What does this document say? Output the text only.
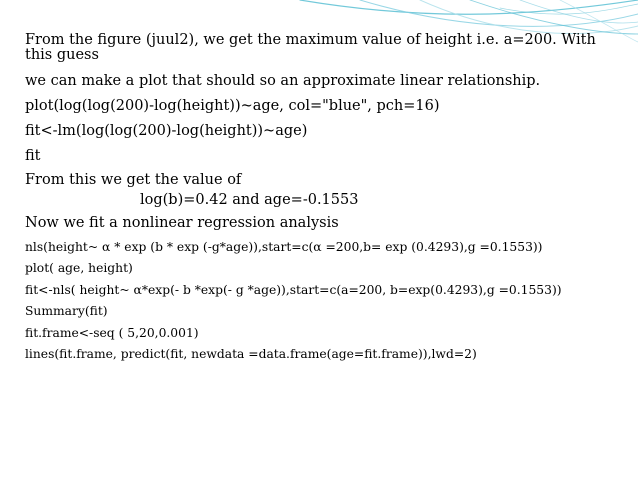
From the figure (juul2), we get the maximum value of height i.e. a=200. With this guess
we can make a plot that should so an approximate linear relationship.
plot(log(log(200)-log(height))~age, col="blue", pch=16)
fit<-lm(log(log(200)-log(height))~age)
fit
From this we get the value of
log(b)=0.42 and age=-0.1553
Now we fit a nonlinear regression analysis
nls(height~ α * exp (b * exp (-g*age)),start=c(α =200,b= exp (0.4293),g =0.1553))
plot( age, height)
fit<-nls( height~ α*exp(- b *exp(- g *age)),start=c(a=200, b=exp(0.4293),g =0.1553))
Summary(fit)
fit.frame<-seq ( 5,20,0.001)
lines(fit.frame, predict(fit, newdata =data.frame(age=fit.frame)),lwd=2)
